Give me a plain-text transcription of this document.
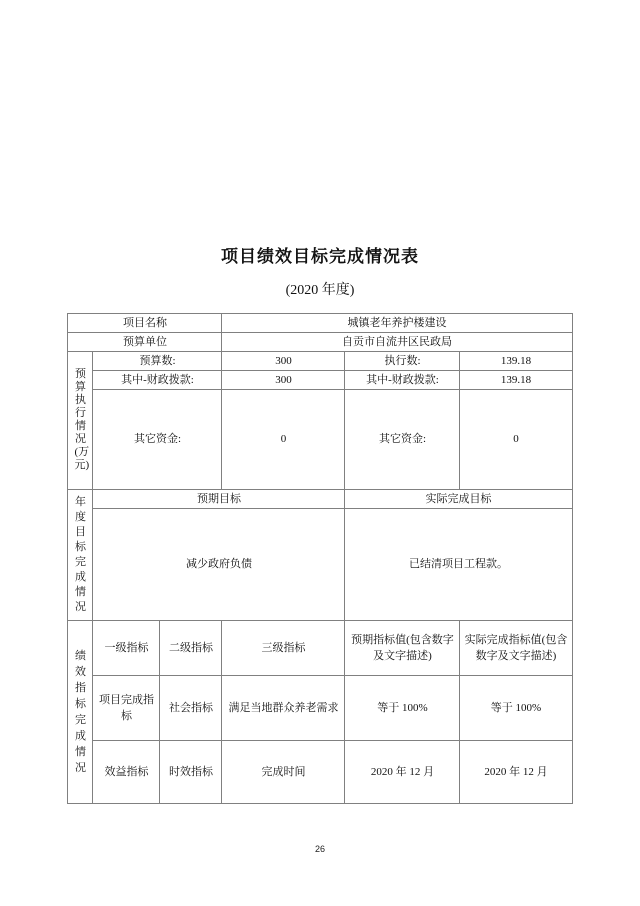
项目绩效目标完成情况表
(2020 年度)
项目名称			城镇老年养护楼建设		
预算单位			自贡市自流井区民政局		

预算执行情况(万元)	预算数:		300	执行数:	139.18
	其中-财政拨款:		300	其中-财政拨款:	139.18
	其它资金:		0	其它资金:	0

年度目标完成情况	预期目标			实际完成目标	
	减少政府负债			已结清项目工程款。	

绩效指标完成情况	一级指标	二级指标	三级指标	预期指标值(包含数字及文字描述)	实际完成指标值(包含数字及文字描述)
	项目完成指标	社会指标	满足当地群众养老需求	等于 100%	等于 100%
	效益指标	时效指标	完成时间	2020 年 12 月	2020 年 12 月
26
